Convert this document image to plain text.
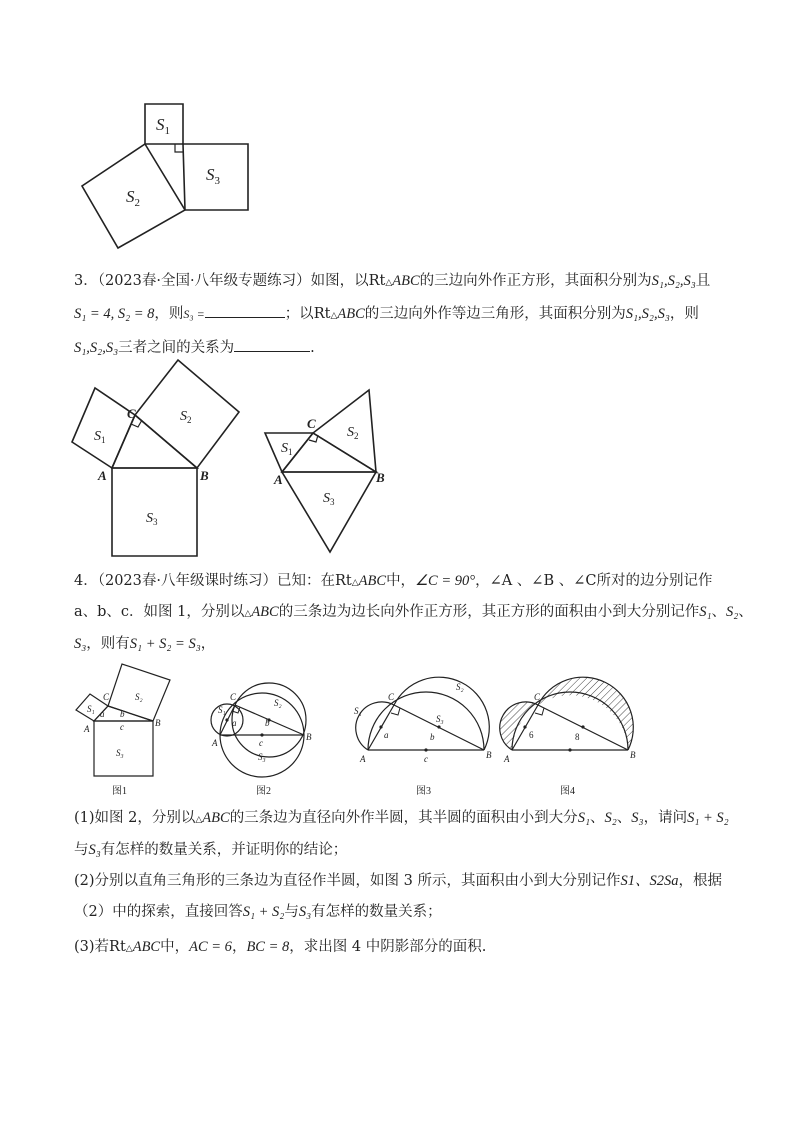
$S_1$
$S_2$
$S_3$
3．（2023春·全国·八年级专题练习）如图，以Rt△ABC的三边向外作正方形，其面积分别为S₁,S₂,S₃且
S₁ = 4, S₂ = 8，则S₃ =	；以Rt△ABC的三边向外作等边三角形，其面积分别为S₁,S₂,S₃，则
S₁,S₂,S₃三者之间的关系为	.
C
A	B
$S_1$
$S_2$
$S_3$
C
A	B
$S_1$
$S_2$
$S_3$
4．（2023春·八年级课时练习）已知：在Rt△ABC中，∠C = 90°，∠A 、∠B 、∠C所对的边分别记作
a、b、c．如图 1，分别以△ABC的三条边为边长向外作正方形，其正方形的面积由小到大分别记作S₁、S₂、
S₃，则有S₁ + S₂ = S₃，
C
A
B
S₁
S₂
S₃
a b
c
图1
C
A
B
S₁
S₂
S₃
a	b
c
图2
C
A	B
S₁
S₂
S₃
a	b
c
图3
C
A	B
6	8
图4
(1)如图 2，分别以△ABC的三条边为直径向外作半圆，其半圆的面积由小到大分S₁、S₂、S₃，请问S₁ + S₂
与S₃有怎样的数量关系，并证明你的结论；
(2)分别以直角三角形的三条边为直径作半圆，如图 3 所示，其面积由小到大分别记作S1、S2Sa，根据
（2）中的探索，直接回答S₁ + S₂与S₃有怎样的数量关系；
(3)若Rt△ABC中，AC = 6，BC = 8，求出图 4 中阴影部分的面积.
